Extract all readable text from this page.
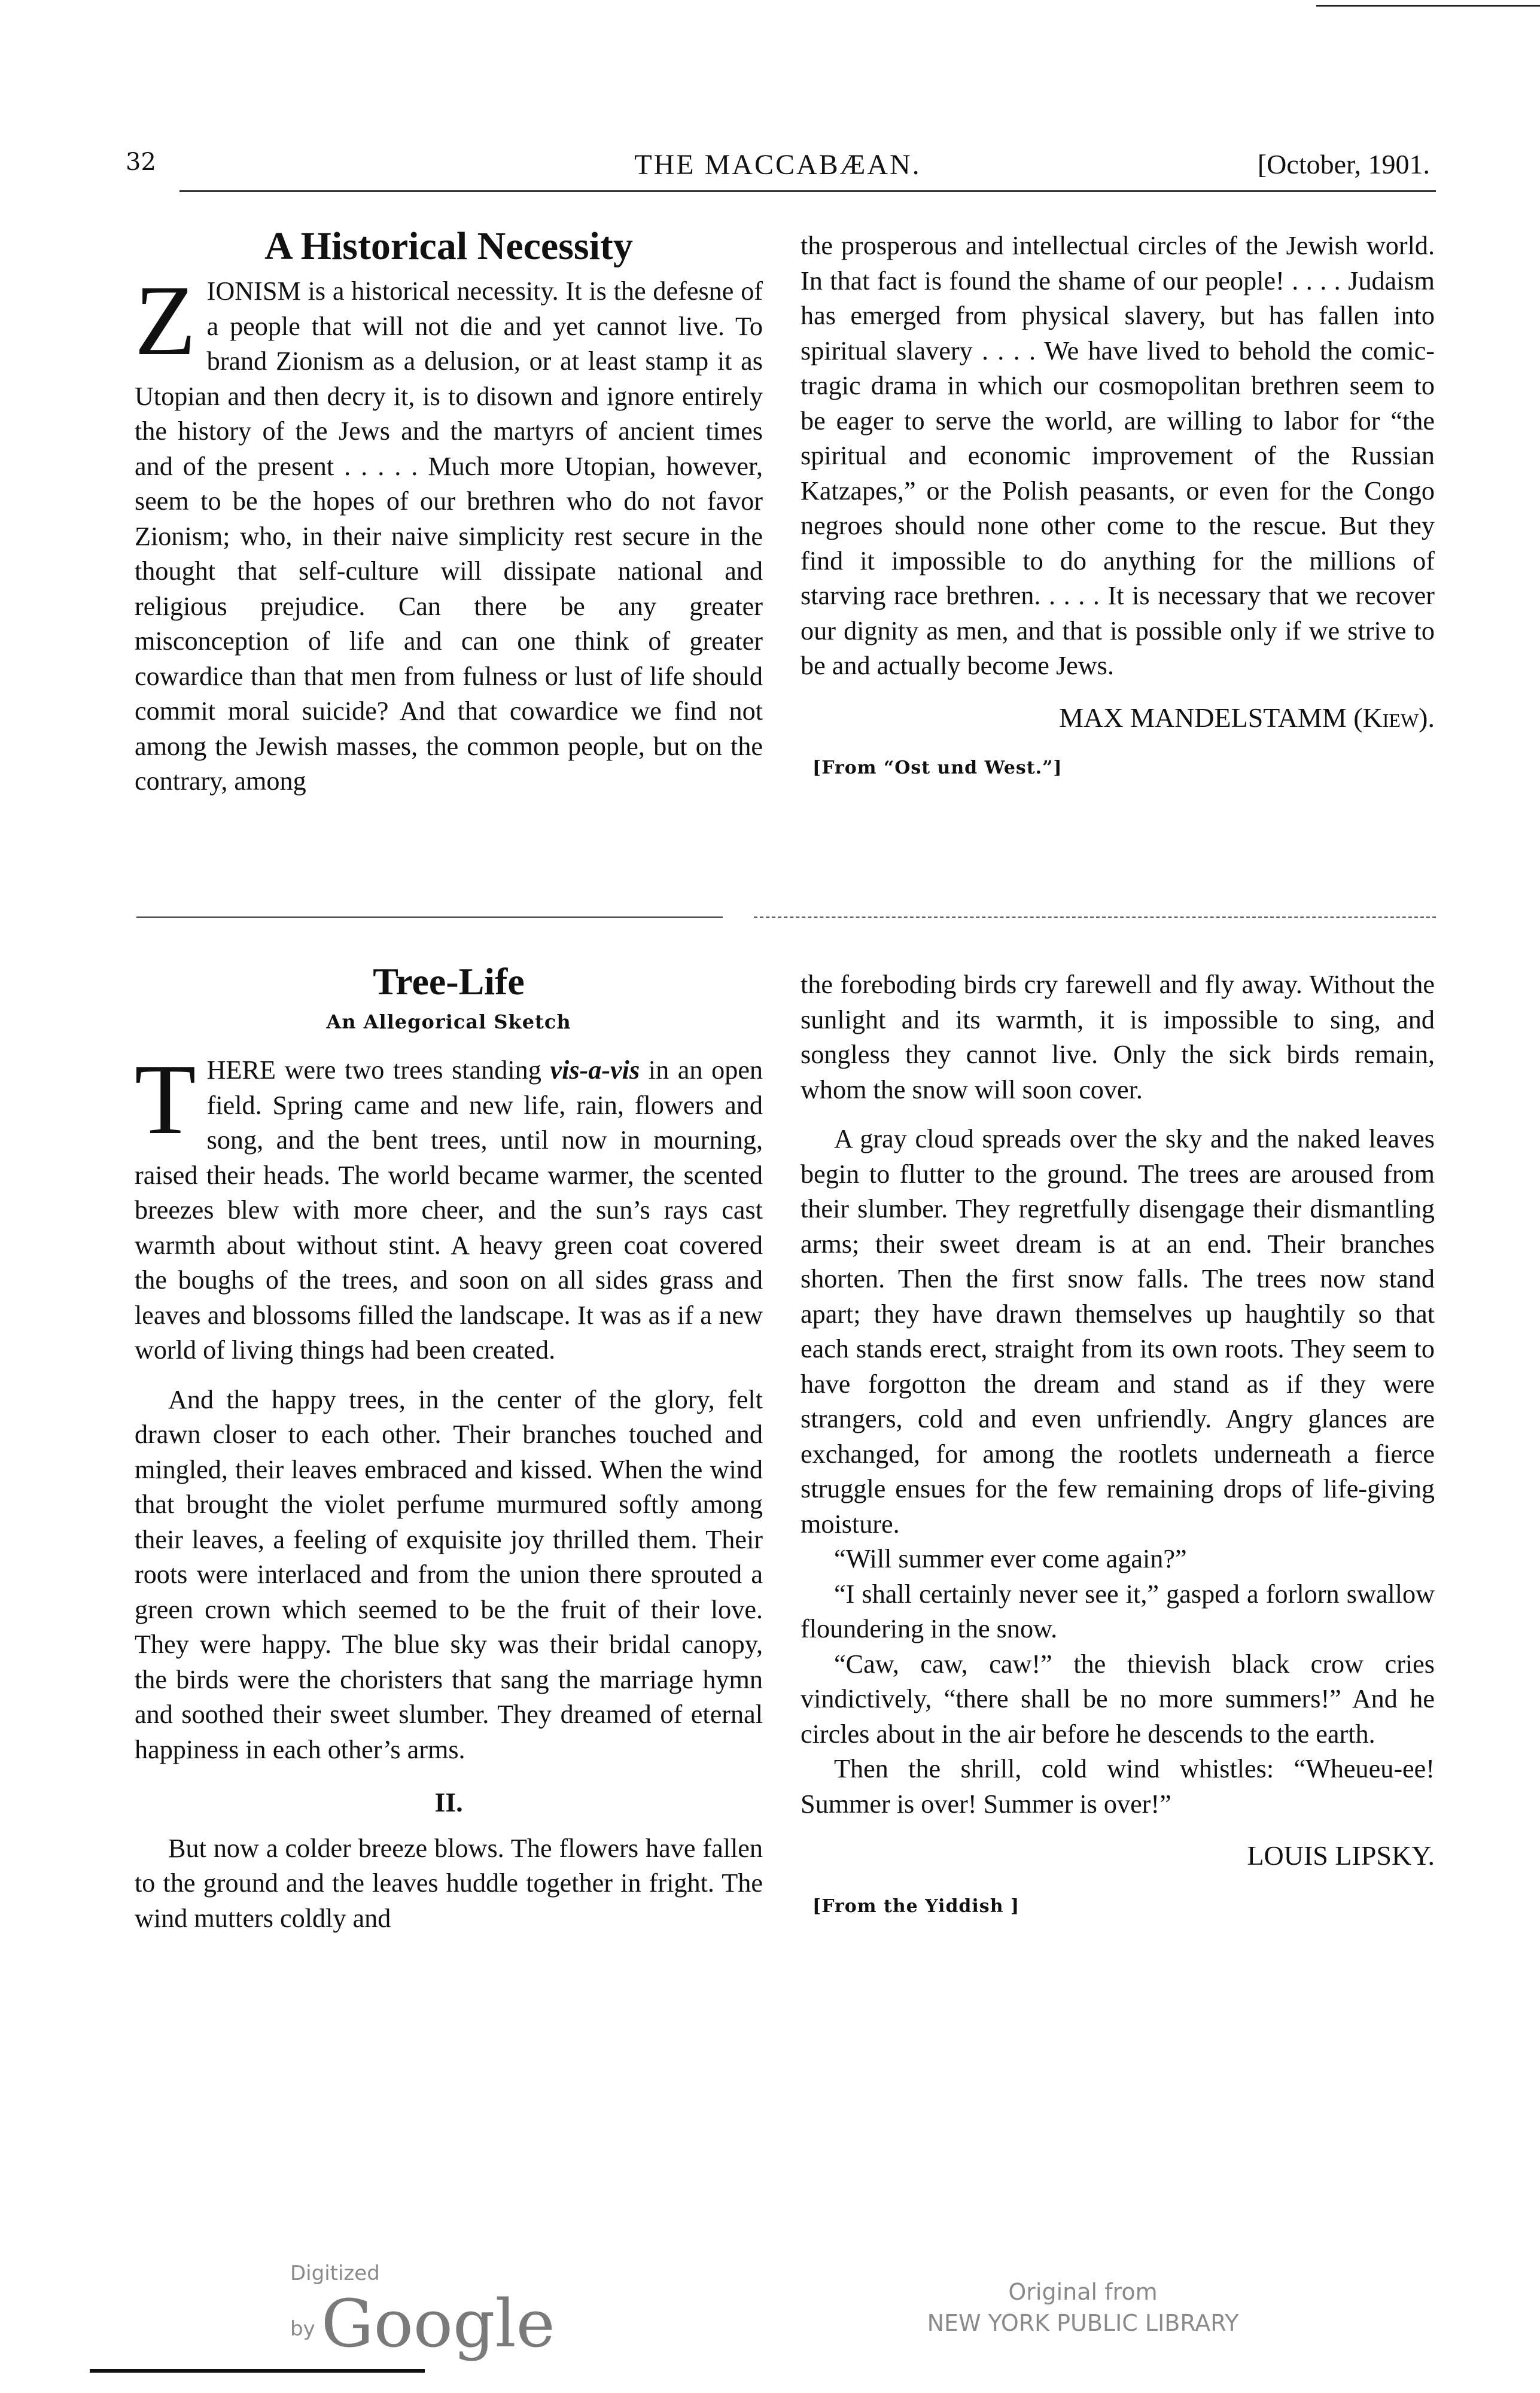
32	THE MACCABÆAN.	[October, 1901.
A Historical Necessity

ZIONISM is a historical necessity. It is the defesne of a people that will not die and yet cannot live. To brand Zionism as a delusion, or at least stamp it as Utopian and then decry it, is to disown and ignore entirely the history of the Jews and the martyrs of ancient times and of the present . . . . . Much more Utopian, however, seem to be the hopes of our brethren who do not favor Zionism; who, in their naive simplicity rest secure in the thought that self-culture will dissipate national and religious prejudice. Can there be any greater misconception of life and can one think of greater cowardice than that men from fulness or lust of life should commit moral suicide? And that cowardice we find not among the Jewish masses, the common people, but on the contrary, among

the prosperous and intellectual circles of the Jewish world. In that fact is found the shame of our people! . . . . Judaism has emerged from physical slavery, but has fallen into spiritual slavery . . . . We have lived to behold the comic-tragic drama in which our cosmopolitan brethren seem to be eager to serve the world, are willing to labor for “the spiritual and economic improvement of the Russian Katzapes,” or the Polish peasants, or even for the Congo negroes should none other come to the rescue. But they find it impossible to do anything for the millions of starving race brethren. . . . . It is necessary that we recover our dignity as men, and that is possible only if we strive to be and actually become Jews.

MAX MANDELSTAMM (Kiew).
[From “Ost und West.”]
Tree-Life
An Allegorical Sketch

THERE were two trees standing vis-a-vis in an open field. Spring came and new life, rain, flowers and song, and the bent trees, until now in mourning, raised their heads. The world became warmer, the scented breezes blew with more cheer, and the sun’s rays cast warmth about without stint. A heavy green coat covered the boughs of the trees, and soon on all sides grass and leaves and blossoms filled the landscape. It was as if a new world of living things had been created.

And the happy trees, in the center of the glory, felt drawn closer to each other. Their branches touched and mingled, their leaves embraced and kissed. When the wind that brought the violet perfume murmured softly among their leaves, a feeling of exquisite joy thrilled them. Their roots were interlaced and from the union there sprouted a green crown which seemed to be the fruit of their love. They were happy. The blue sky was their bridal canopy, the birds were the choristers that sang the marriage hymn and soothed their sweet slumber. They dreamed of eternal happiness in each other’s arms.

II.

But now a colder breeze blows. The flowers have fallen to the ground and the leaves huddle together in fright. The wind mutters coldly and

the foreboding birds cry farewell and fly away. Without the sunlight and its warmth, it is impossible to sing, and songless they cannot live. Only the sick birds remain, whom the snow will soon cover.

A gray cloud spreads over the sky and the naked leaves begin to flutter to the ground. The trees are aroused from their slumber. They regretfully disengage their dismantling arms; their sweet dream is at an end. Their branches shorten. Then the first snow falls. The trees now stand apart; they have drawn themselves up haughtily so that each stands erect, straight from its own roots. They seem to have forgotton the dream and stand as if they were strangers, cold and even unfriendly. Angry glances are exchanged, for among the rootlets underneath a fierce struggle ensues for the few remaining drops of life-giving moisture.

“Will summer ever come again?”

“I shall certainly never see it,” gasped a forlorn swallow floundering in the snow.

“Caw, caw, caw!” the thievish black crow cries vindictively, “there shall be no more summers!” And he circles about in the air before he descends to the earth.

Then the shrill, cold wind whistles: “Wheueu-ee! Summer is over! Summer is over!”

LOUIS LIPSKY.
[From the Yiddish ]
Digitized byGoogle	Original from
NEW YORK PUBLIC LIBRARY
